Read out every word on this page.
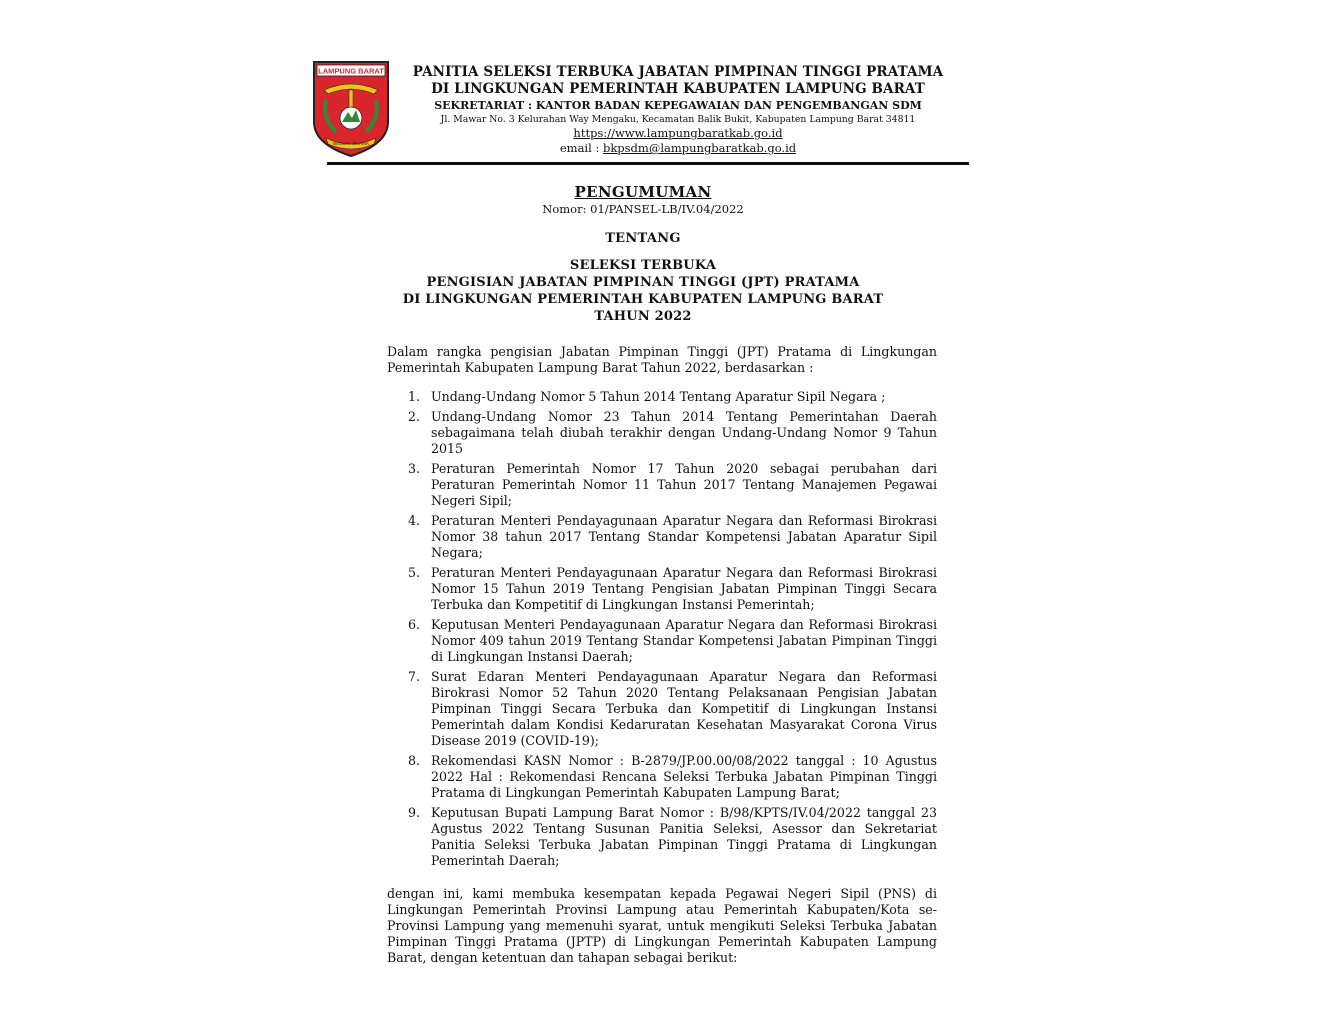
LAMPUNG BARAT
BEGUAI JEJAMA
PANITIA SELEKSI TERBUKA JABATAN PIMPINAN TINGGI PRATAMA
DI LINGKUNGAN PEMERINTAH KABUPATEN LAMPUNG BARAT
SEKRETARIAT : KANTOR BADAN KEPEGAWAIAN DAN PENGEMBANGAN SDM
Jl. Mawar No. 3 Kelurahan Way Mengaku, Kecamatan Balik Bukit, Kabupaten Lampung Barat 34811
https://www.lampungbaratkab.go.id
email : bkpsdm@lampungbaratkab.go.id
PENGUMUMAN
Nomor: 01/PANSEL-LB/IV.04/2022
TENTANG
SELEKSI TERBUKA
PENGISIAN JABATAN PIMPINAN TINGGI (JPT) PRATAMA
DI LINGKUNGAN PEMERINTAH KABUPATEN LAMPUNG BARAT
TAHUN 2022
Dalam rangka pengisian Jabatan Pimpinan Tinggi (JPT) Pratama di Lingkungan Pemerintah Kabupaten Lampung Barat Tahun 2022, berdasarkan :
1. Undang-Undang Nomor 5 Tahun 2014 Tentang Aparatur Sipil Negara ;
2. Undang-Undang Nomor 23 Tahun 2014 Tentang Pemerintahan Daerah sebagaimana telah diubah terakhir dengan Undang-Undang Nomor 9 Tahun 2015
3. Peraturan Pemerintah Nomor 17 Tahun 2020 sebagai perubahan dari Peraturan Pemerintah Nomor 11 Tahun 2017 Tentang Manajemen Pegawai Negeri Sipil;
4. Peraturan Menteri Pendayagunaan Aparatur Negara dan Reformasi Birokrasi Nomor 38 tahun 2017 Tentang Standar Kompetensi Jabatan Aparatur Sipil Negara;
5. Peraturan Menteri Pendayagunaan Aparatur Negara dan Reformasi Birokrasi Nomor 15 Tahun 2019 Tentang Pengisian Jabatan Pimpinan Tinggi Secara Terbuka dan Kompetitif di Lingkungan Instansi Pemerintah;
6. Keputusan Menteri Pendayagunaan Aparatur Negara dan Reformasi Birokrasi Nomor 409 tahun 2019 Tentang Standar Kompetensi Jabatan Pimpinan Tinggi di Lingkungan Instansi Daerah;
7. Surat Edaran Menteri Pendayagunaan Aparatur Negara dan Reformasi Birokrasi Nomor 52 Tahun 2020 Tentang Pelaksanaan Pengisian Jabatan Pimpinan Tinggi Secara Terbuka dan Kompetitif di Lingkungan Instansi Pemerintah dalam Kondisi Kedaruratan Kesehatan Masyarakat Corona Virus Disease 2019 (COVID-19);
8. Rekomendasi KASN Nomor : B-2879/JP.00.00/08/2022 tanggal : 10 Agustus 2022 Hal : Rekomendasi Rencana Seleksi Terbuka Jabatan Pimpinan Tinggi Pratama di Lingkungan Pemerintah Kabupaten Lampung Barat;
9. Keputusan Bupati Lampung Barat Nomor : B/98/KPTS/IV.04/2022 tanggal 23 Agustus 2022 Tentang Susunan Panitia Seleksi, Asessor dan Sekretariat Panitia Seleksi Terbuka Jabatan Pimpinan Tinggi Pratama di Lingkungan Pemerintah Daerah;
dengan ini, kami membuka kesempatan kepada Pegawai Negeri Sipil (PNS) di Lingkungan Pemerintah Provinsi Lampung atau Pemerintah Kabupaten/Kota se-Provinsi Lampung yang memenuhi syarat, untuk mengikuti Seleksi Terbuka Jabatan Pimpinan Tinggi Pratama (JPTP) di Lingkungan Pemerintah Kabupaten Lampung Barat, dengan ketentuan dan tahapan sebagai berikut:
